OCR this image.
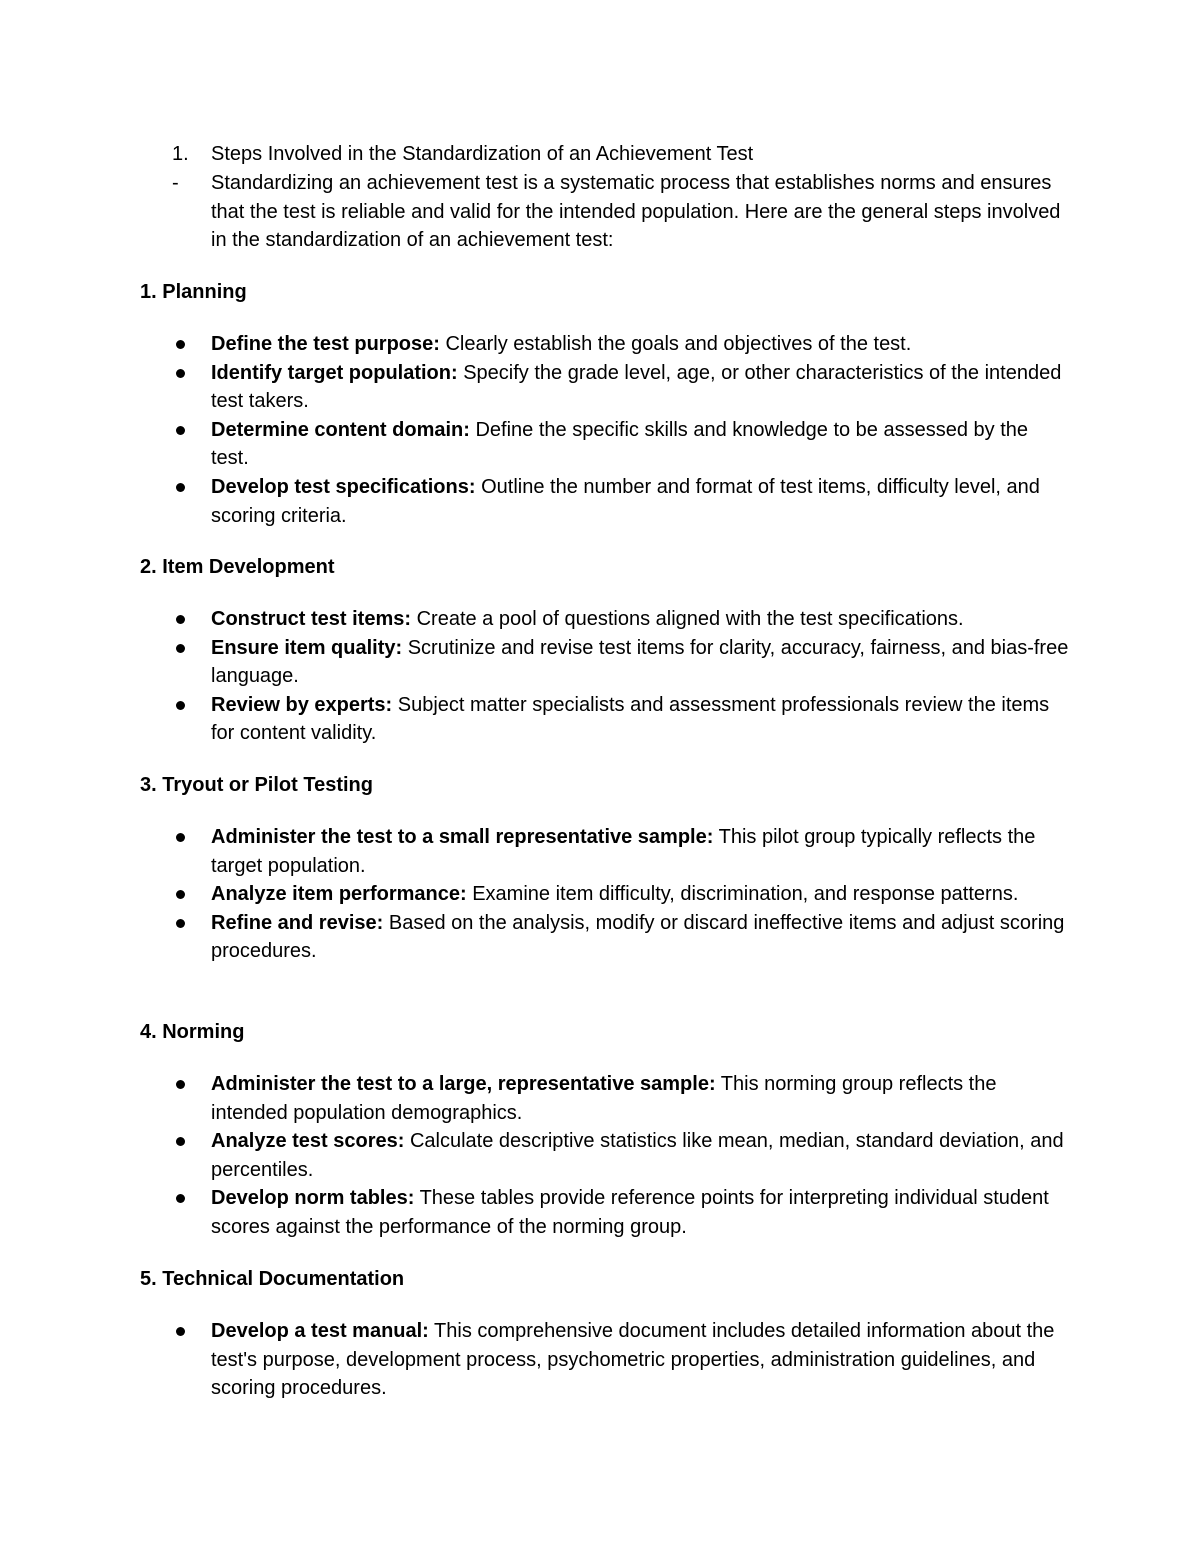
1. Steps Involved in the Standardization of an Achievement Test
- Standardizing an achievement test is a systematic process that establishes norms and ensures that the test is reliable and valid for the intended population. Here are the general steps involved in the standardization of an achievement test:
1. Planning
Define the test purpose: Clearly establish the goals and objectives of the test.
Identify target population: Specify the grade level, age, or other characteristics of the intended test takers.
Determine content domain: Define the specific skills and knowledge to be assessed by the test.
Develop test specifications: Outline the number and format of test items, difficulty level, and scoring criteria.
2. Item Development
Construct test items: Create a pool of questions aligned with the test specifications.
Ensure item quality: Scrutinize and revise test items for clarity, accuracy, fairness, and bias-free language.
Review by experts: Subject matter specialists and assessment professionals review the items for content validity.
3. Tryout or Pilot Testing
Administer the test to a small representative sample: This pilot group typically reflects the target population.
Analyze item performance: Examine item difficulty, discrimination, and response patterns.
Refine and revise: Based on the analysis, modify or discard ineffective items and adjust scoring procedures.
4. Norming
Administer the test to a large, representative sample: This norming group reflects the intended population demographics.
Analyze test scores: Calculate descriptive statistics like mean, median, standard deviation, and percentiles.
Develop norm tables: These tables provide reference points for interpreting individual student scores against the performance of the norming group.
5. Technical Documentation
Develop a test manual: This comprehensive document includes detailed information about the test's purpose, development process, psychometric properties, administration guidelines, and scoring procedures.
